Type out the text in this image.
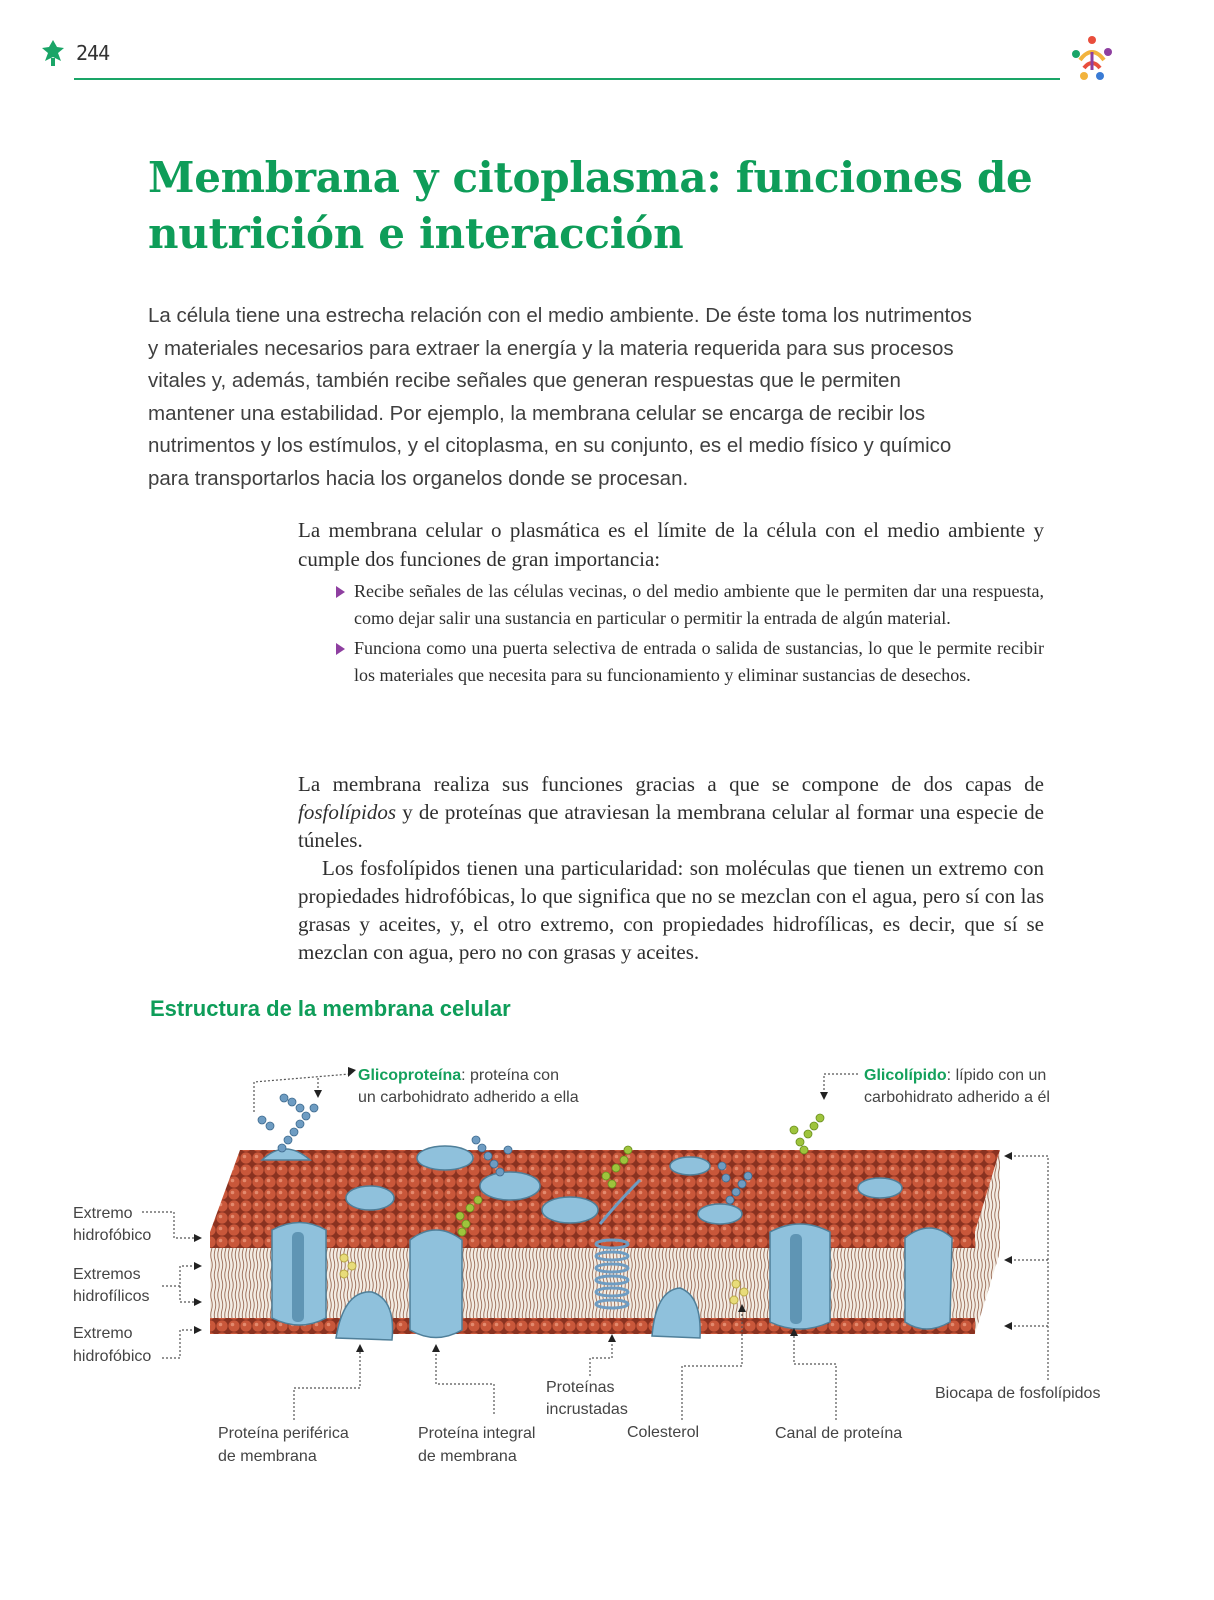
244
Membrana y citoplasma: funciones de nutrición e interacción

La célula tiene una estrecha relación con el medio ambiente. De éste toma los nutrimentos y materiales necesarios para extraer la energía y la materia requerida para sus procesos vitales y, además, también recibe señales que generan respuestas que le permiten mantener una estabilidad. Por ejemplo, la membrana celular se encarga de recibir los nutrimentos y los estímulos, y el citoplasma, en su conjunto, es el medio físico y químico para transportarlos hacia los organelos donde se procesan.

La membrana celular o plasmática es el límite de la célula con el medio ambiente y cumple dos funciones de gran importancia:

Recibe señales de las células vecinas, o del medio ambiente que le permiten dar una respuesta, como dejar salir una sustancia en particular o permitir la entrada de algún material.
Funciona como una puerta selectiva de entrada o salida de sustancias, lo que le permite recibir los materiales que necesita para su funcionamiento y eliminar sustancias de desechos.

La membrana realiza sus funciones gracias a que se compone de dos capas de fosfolípidos y de proteínas que atraviesan la membrana celular al formar una especie de túneles.

Los fosfolípidos tienen una particularidad: son moléculas que tienen un extremo con propiedades hidrofóbicas, lo que significa que no se mezclan con el agua, pero sí con las grasas y aceites, y, el otro extremo, con propiedades hidrofílicas, es decir, que sí se mezclan con agua, pero no con grasas y aceites.

Estructura de la membrana celular
Glicoproteína: proteína con
un carbohidrato adherido a ella
Glicolípido: lípido con un
carbohidrato adherido a él
Extremo
hidrofóbico
Extremos
hidrofílicos
Extremo
hidrofóbico
Proteína periférica
de membrana
Proteína integral
de membrana
Proteínas
incrustadas
Colesterol	Canal de proteína
Biocapa de fosfolípidos
